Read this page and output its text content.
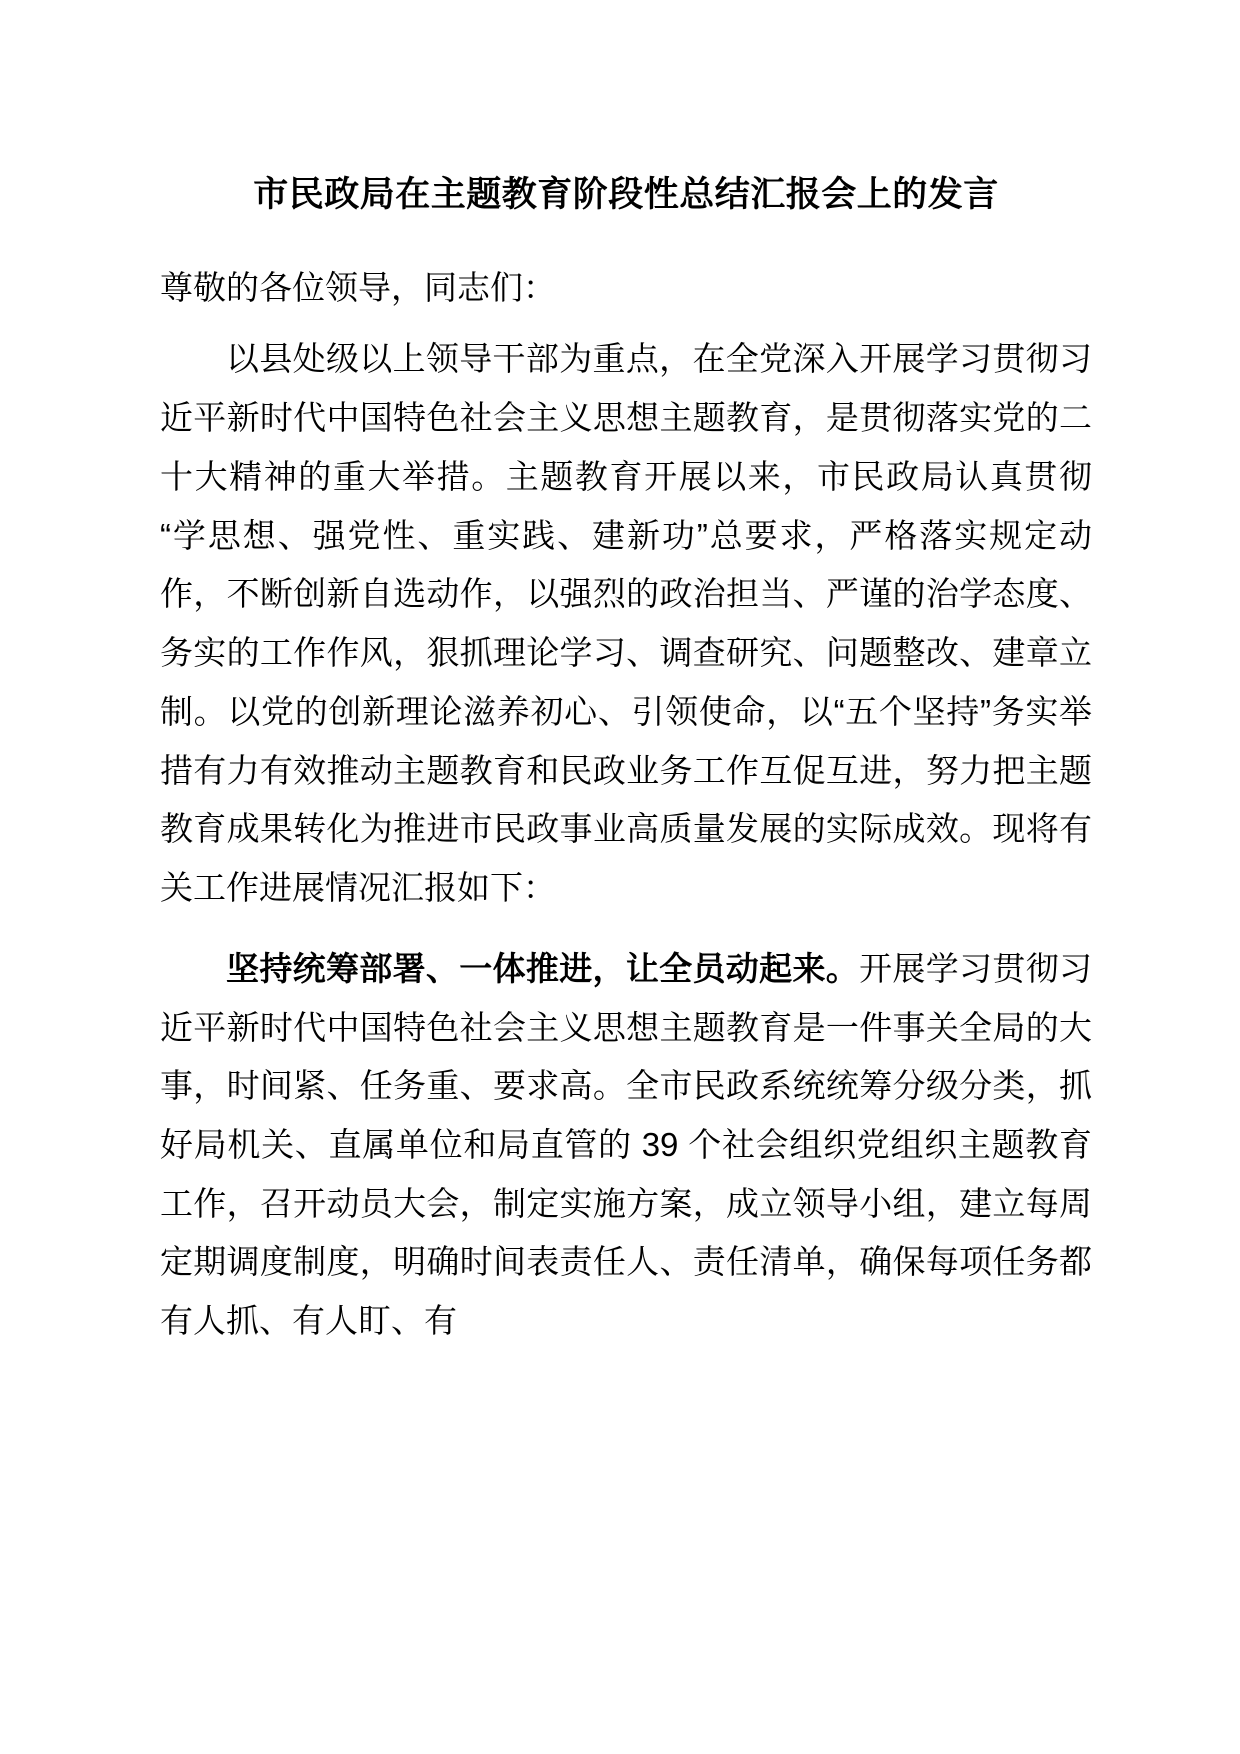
市民政局在主题教育阶段性总结汇报会上的发言

尊敬的各位领导，同志们：

以县处级以上领导干部为重点，在全党深入开展学习贯彻习近平新时代中国特色社会主义思想主题教育，是贯彻落实党的二十大精神的重大举措。主题教育开展以来，市民政局认真贯彻“学思想、强党性、重实践、建新功”总要求，严格落实规定动作，不断创新自选动作，以强烈的政治担当、严谨的治学态度、务实的工作作风，狠抓理论学习、调查研究、问题整改、建章立制。以党的创新理论滋养初心、引领使命，以“五个坚持”务实举措有力有效推动主题教育和民政业务工作互促互进，努力把主题教育成果转化为推进市民政事业高质量发展的实际成效。现将有关工作进展情况汇报如下：

坚持统筹部署、一体推进，让全员动起来。开展学习贯彻习近平新时代中国特色社会主义思想主题教育是一件事关全局的大事，时间紧、任务重、要求高。全市民政系统统筹分级分类，抓好局机关、直属单位和局直管的 39 个社会组织党组织主题教育工作，召开动员大会，制定实施方案，成立领导小组，建立每周定期调度制度，明确时间表责任人、责任清单，确保每项任务都有人抓、有人盯、有
